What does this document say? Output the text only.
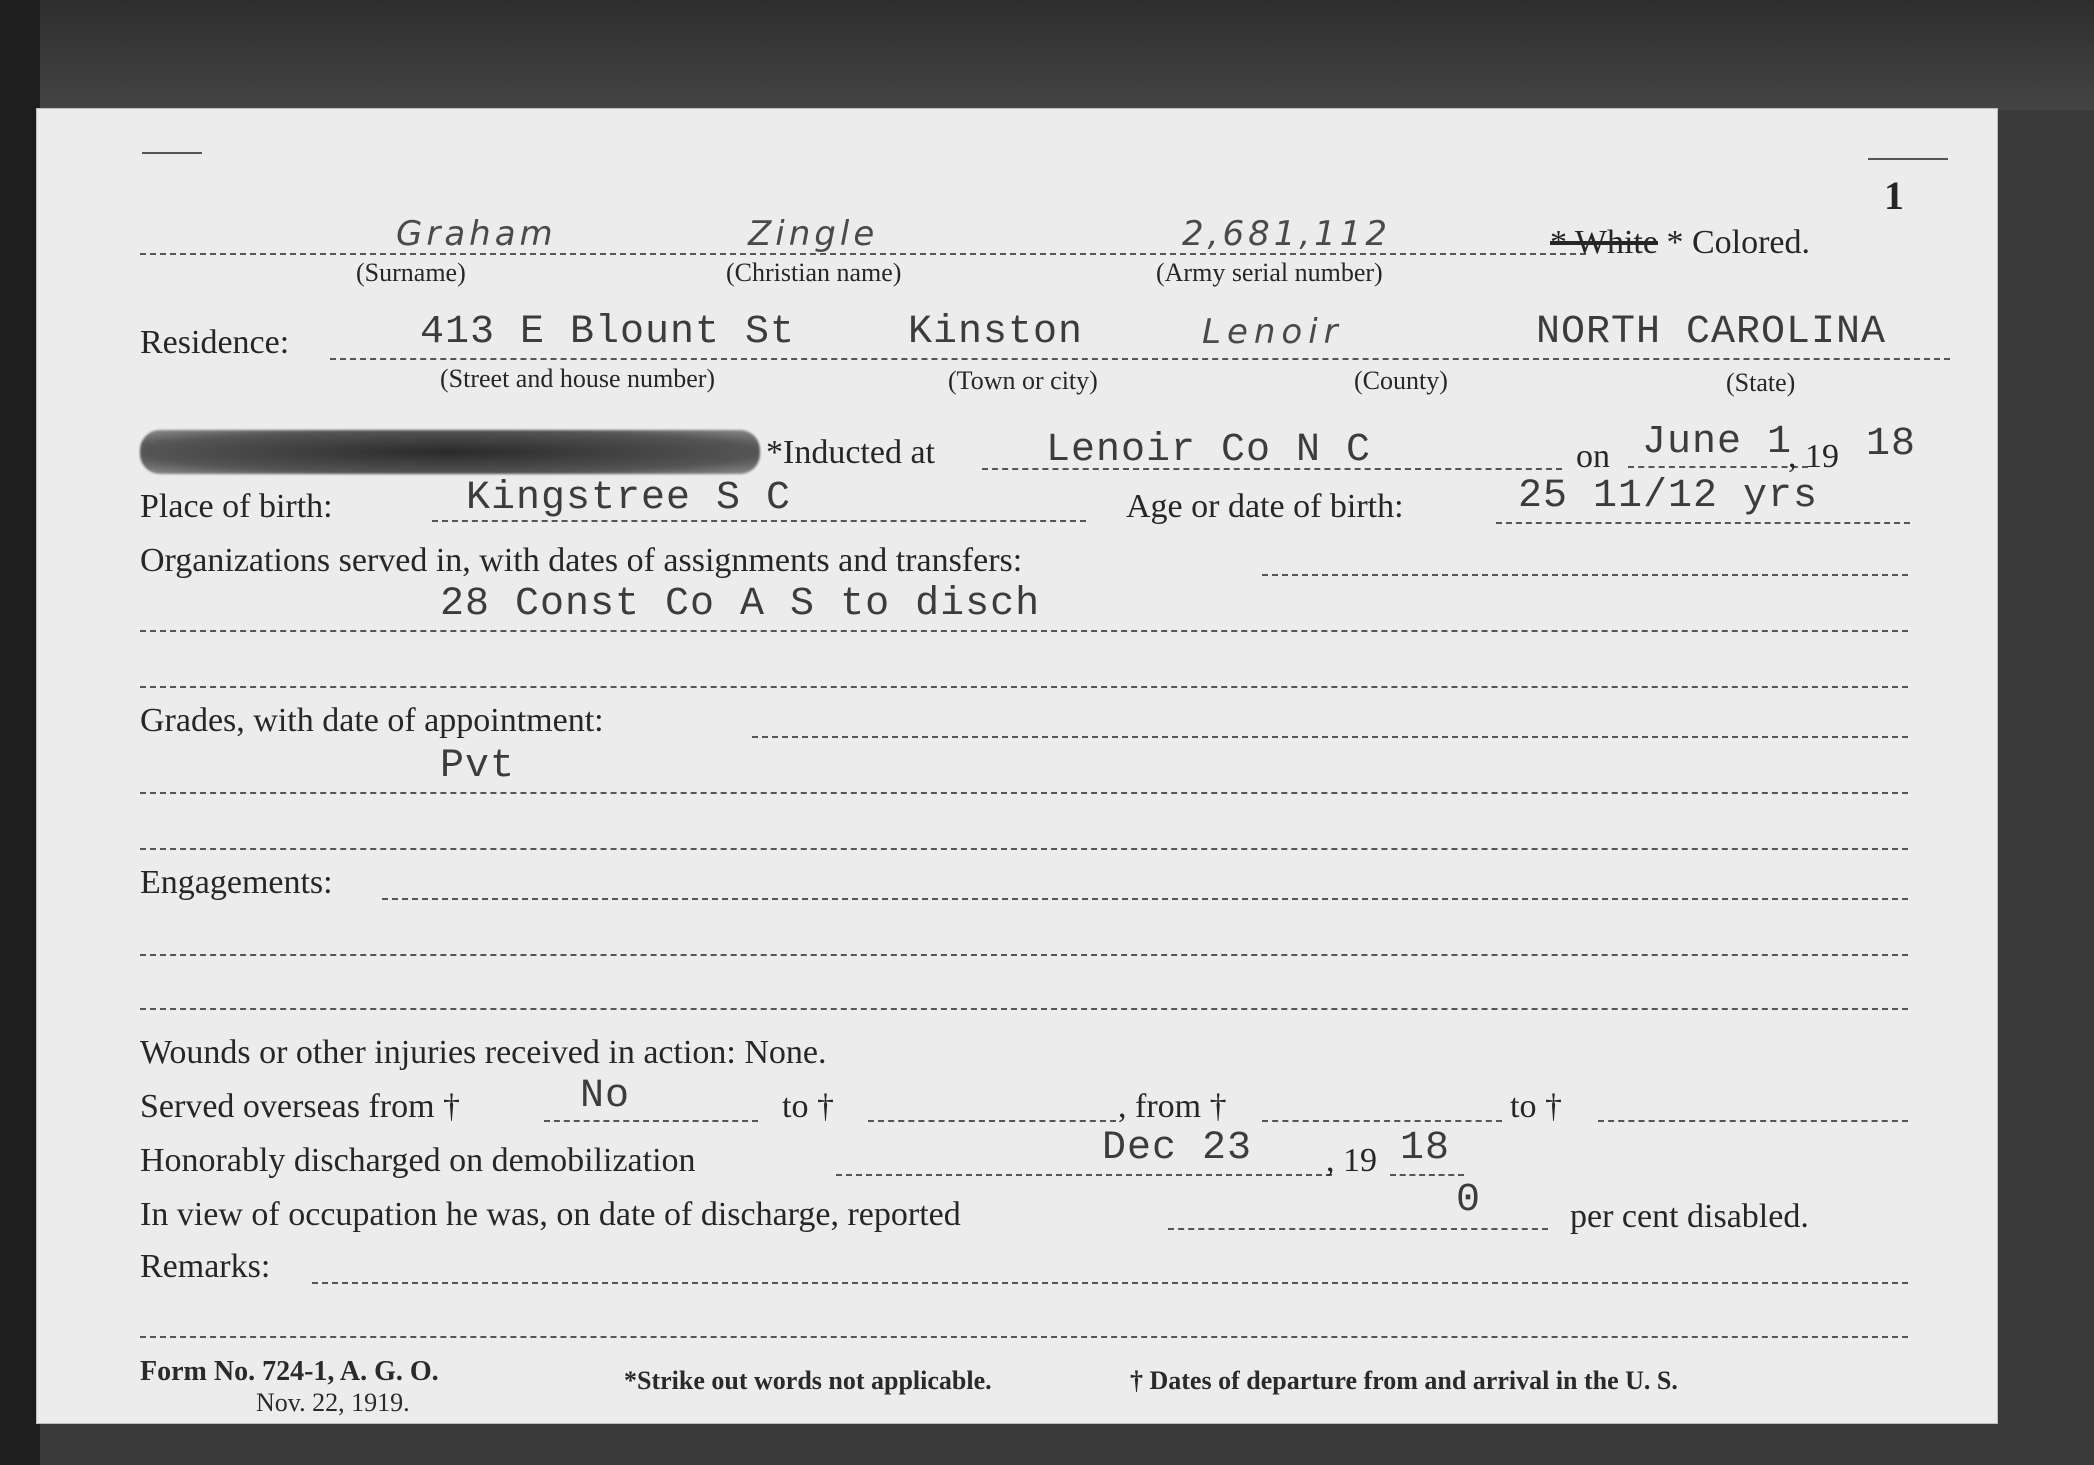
1
Graham	Zingle	2,681,112	* White * Colored.
(Surname)	(Christian name)	(Army serial number)
Residence:	413 E Blount St	Kinston	Lenoir	NORTH CAROLINA
(Street and house number)	(Town or city)	(County)	(State)
*Inducted at	Lenoir Co N C	on June 1
, 19 18
Place of birth:	Kingstree S C	Age or date of birth:	25 11/12 yrs
Organizations served in, with dates of assignments and transfers:
28 Const Co A S to disch
Grades, with date of appointment:
Pvt
Engagements:
Wounds or other injuries received in action: None.
Served overseas from †	No	to †	, from †	to †
Honorably discharged on demobilization	Dec 23 , 19 18
In view of occupation he was, on date of discharge, reported	0	per cent disabled.
Remarks:
Form No. 724-1, A. G. O.
Nov. 22, 1919.
*Strike out words not applicable.	† Dates of departure from and arrival in the U. S.
